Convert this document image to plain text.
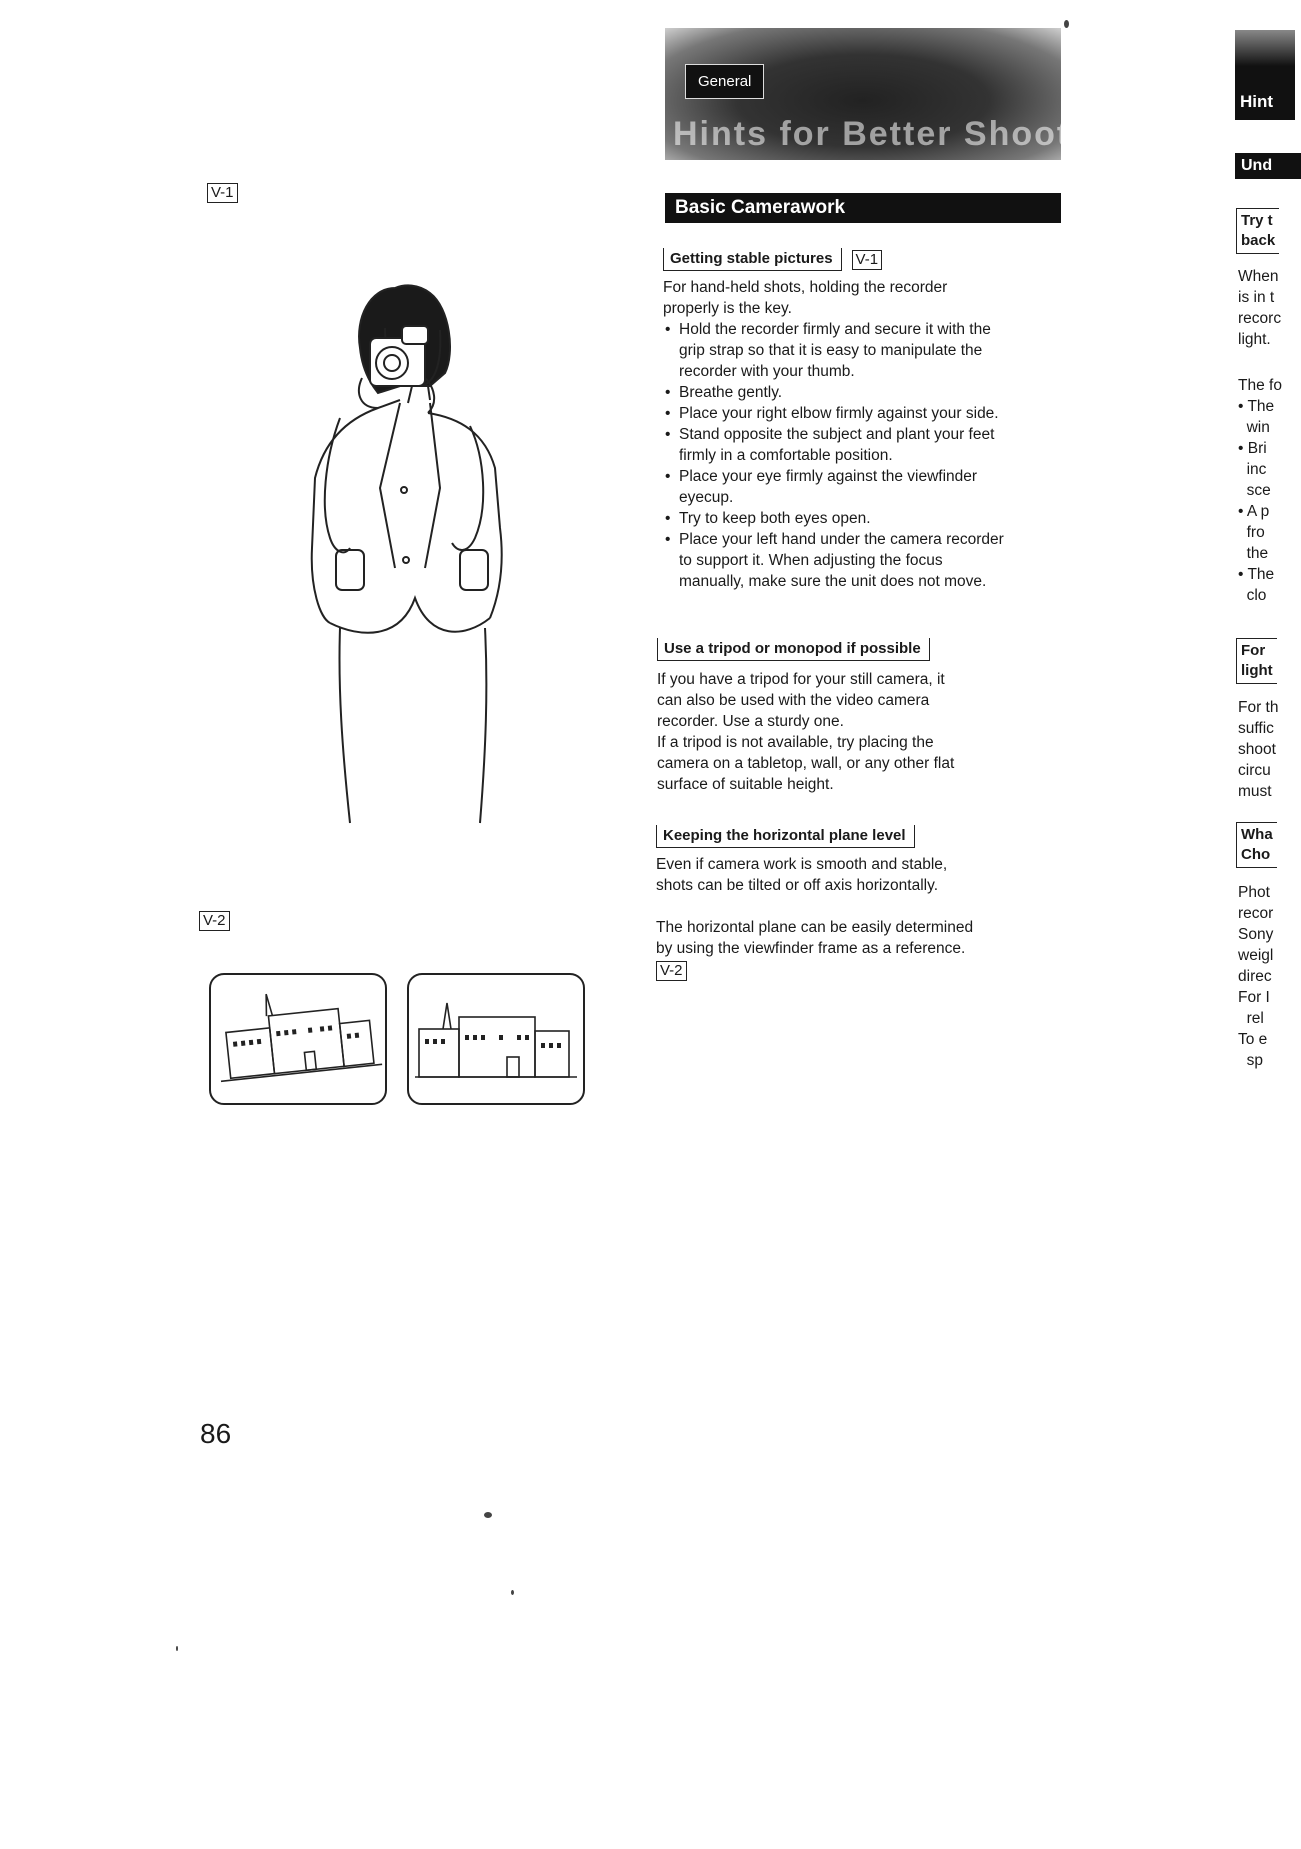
V-1
V-2
General
Hints for Better Shooting
Basic Camerawork
Getting stable pictures	V-1

For hand-held shots, holding the recorder

properly is the key.

• Hold the recorder firmly and secure it with the
grip strap so that it is easy to manipulate the
recorder with your thumb.
• Breathe gently.
• Place your right elbow firmly against your side.
• Stand opposite the subject and plant your feet
firmly in a comfortable position.
• Place your eye firmly against the viewfinder
eyecup.
• Try to keep both eyes open.
• Place your left hand under the camera recorder
to support it. When adjusting the focus
manually, make sure the unit does not move.
Use a tripod or monopod if possible

If you have a tripod for your still camera, it

can also be used with the video camera

recorder. Use a sturdy one.

If a tripod is not available, try placing the

camera on a tabletop, wall, or any other flat

surface of suitable height.

Keeping the horizontal plane level

Even if camera work is smooth and stable,

shots can be tilted or off axis horizontally.

The horizontal plane can be easily determined

by using the viewfinder frame as a reference.

V-2
86
Hint
Und
Try t
back
When
is in t
recorc
light.
The fo
• The
win
• Bri
inc
sce
• A p
fro
the
• The
clo
For
light
For th
suffic
shoot
circu
must
Wha
Cho
Phot
recor
Sony
weigl
direc
For I
rel
To e
sp
